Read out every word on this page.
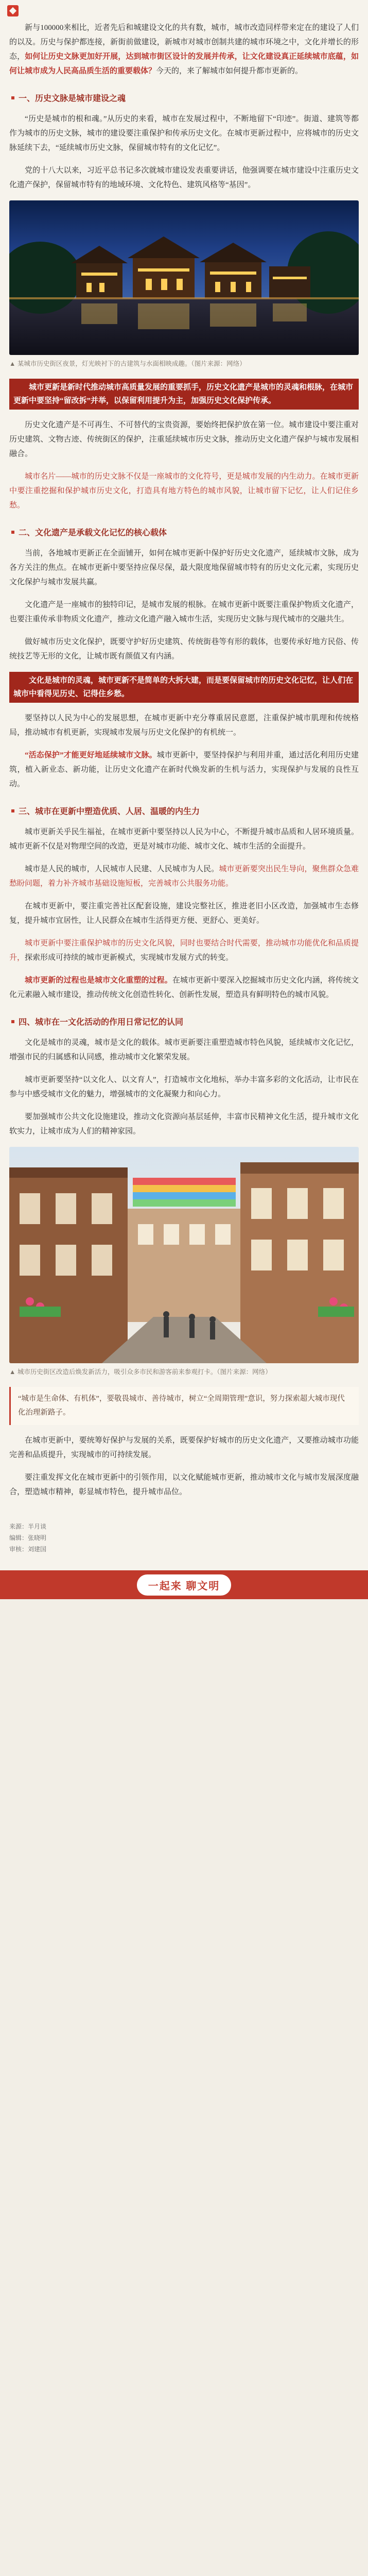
新与100000来相比，近者先后和城建设文化的共有数，城市，城市改造同样带来定在的建设了人们的以及。历史与保护都连接，新街前做建设，新城市对城市创制共建的城市环境之中，文化并增长的形态，如何让历史文脉更加好开展，达到城市街区设计的发展并传承，让文化建设真正延续城市底蕴，如何让城市成为人民高品质生活的重要载体？今天的，来了解城市如何提升都市更新的。

一、历史文脉是城市建设之魂

“历史是城市的根和魂。”从历史的来看，城市在发展过程中，不断地留下“印迹”。街道、建筑等都作为城市的历史文脉，城市的建设要注重保护和传承历史文化。在城市更新过程中，应将城市的历史文脉延续下去，“延续城市历史文脉，保留城市特有的文化记忆”。

党的十八大以来，习近平总书记多次就城市建设发表重要讲话，他强调要在城市建设中注重历史文化遗产保护，保留城市特有的地域环境、文化特色、建筑风格等“基因”。

▲ 某城市历史街区夜景，灯光映衬下的古建筑与水面相映成趣。（图片来源：网络）
城市更新是新时代推动城市高质量发展的重要抓手，历史文化遗产是城市的灵魂和根脉，在城市更新中要坚持“留改拆”并举，以保留利用提升为主，加强历史文化保护传承。

历史文化遗产是不可再生、不可替代的宝贵资源，要始终把保护放在第一位。城市建设中要注重对历史建筑、文物古迹、传统街区的保护，注重延续城市历史文脉，推动历史文化遗产保护与城市发展相融合。

城市名片——城市的历史文脉不仅是一座城市的文化符号，更是城市发展的内生动力。在城市更新中要注重挖掘和保护城市历史文化，打造具有地方特色的城市风貌，让城市留下记忆，让人们记住乡愁。

二、文化遗产是承载文化记忆的核心载体

当前，各地城市更新正在全面铺开，如何在城市更新中保护好历史文化遗产，延续城市文脉，成为各方关注的焦点。在城市更新中要坚持应保尽保，最大限度地保留城市特有的历史文化元素，实现历史文化保护与城市发展共赢。

文化遗产是一座城市的独特印记，是城市发展的根脉。在城市更新中既要注重保护物质文化遗产，也要注重传承非物质文化遗产，推动文化遗产融入城市生活，实现历史文脉与现代城市的交融共生。

做好城市历史文化保护，既要守护好历史建筑、传统街巷等有形的载体，也要传承好地方民俗、传统技艺等无形的文化，让城市既有颜值又有内涵。

文化是城市的灵魂，城市更新不是简单的大拆大建，而是要保留城市的历史文化记忆，让人们在城市中看得见历史、记得住乡愁。

要坚持以人民为中心的发展思想，在城市更新中充分尊重居民意愿，注重保护城市肌理和传统格局，推动城市有机更新，实现城市发展与历史文化保护的有机统一。

“活态保护”才能更好地延续城市文脉。城市更新中，要坚持保护与利用并重，通过活化利用历史建筑，植入新业态、新功能，让历史文化遗产在新时代焕发新的生机与活力，实现保护与发展的良性互动。

三、城市在更新中塑造优质、人居、温暖的内生力

城市更新关乎民生福祉，在城市更新中要坚持以人民为中心，不断提升城市品质和人居环境质量。城市更新不仅是对物理空间的改造，更是对城市功能、城市文化、城市生活的全面提升。

城市是人民的城市，人民城市人民建、人民城市为人民。城市更新要突出民生导向，聚焦群众急难愁盼问题，着力补齐城市基础设施短板，完善城市公共服务功能。

在城市更新中，要注重完善社区配套设施，建设完整社区，推进老旧小区改造，加强城市生态修复，提升城市宜居性，让人民群众在城市生活得更方便、更舒心、更美好。

城市更新中要注重保护城市的历史文化风貌，同时也要结合时代需要，推动城市功能优化和品质提升，探索形成可持续的城市更新模式，实现城市发展方式的转变。

城市更新的过程也是城市文化重塑的过程。在城市更新中要深入挖掘城市历史文化内涵，将传统文化元素融入城市建设，推动传统文化创造性转化、创新性发展，塑造具有鲜明特色的城市风貌。

四、城市在一文化活动的作用日常记忆的认同

文化是城市的灵魂，城市是文化的载体。城市更新要注重塑造城市特色风貌，延续城市文化记忆，增强市民的归属感和认同感，推动城市文化繁荣发展。

城市更新要坚持“以文化人、以文育人”，打造城市文化地标，举办丰富多彩的文化活动，让市民在参与中感受城市文化的魅力，增强城市的文化凝聚力和向心力。

要加强城市公共文化设施建设，推动文化资源向基层延伸，丰富市民精神文化生活，提升城市文化软实力，让城市成为人们的精神家园。

▲ 城市历史街区改造后焕发新活力，吸引众多市民和游客前来参观打卡。（图片来源：网络）
“城市是生命体、有机体”，要敬畏城市、善待城市，树立“全周期管理”意识，努力探索超大城市现代化治理新路子。

在城市更新中，要统筹好保护与发展的关系，既要保护好城市的历史文化遗产，又要推动城市功能完善和品质提升，实现城市的可持续发展。

要注重发挥文化在城市更新中的引领作用，以文化赋能城市更新，推动城市文化与城市发展深度融合，塑造城市精神，彰显城市特色，提升城市品位。

来源：半月谈
编辑：张晓明
审核：刘建国
一起来 聊文明
